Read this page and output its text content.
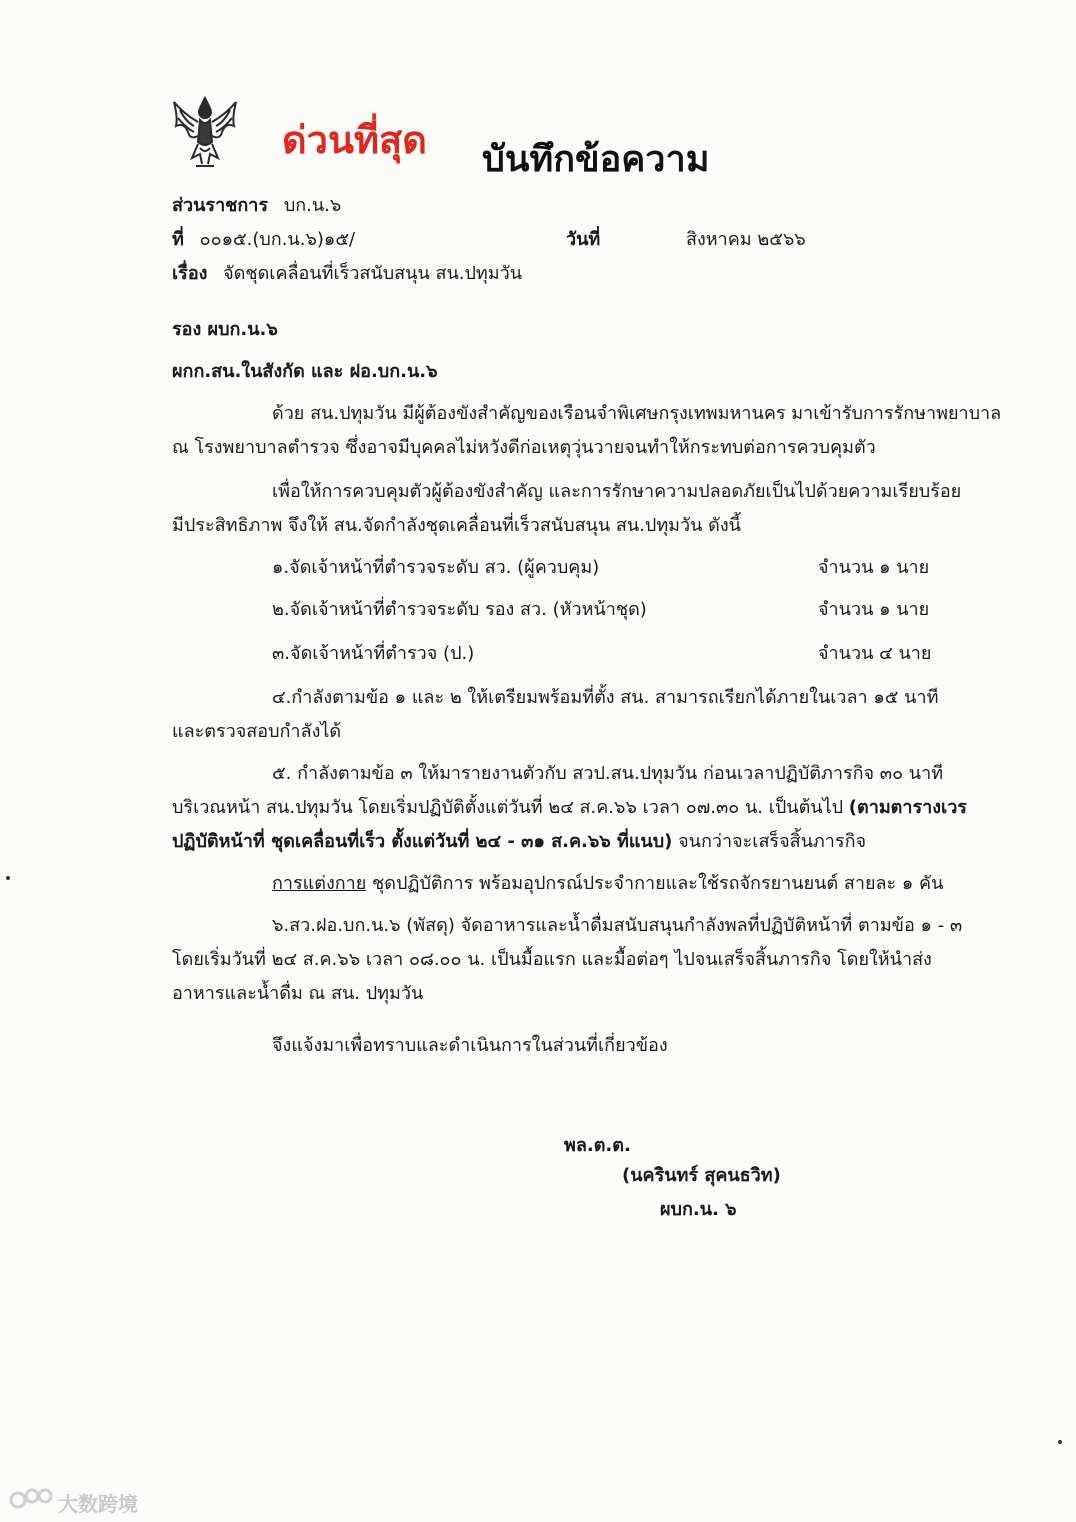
ด่วนที่สุด บันทึกข้อความ
ส่วนราชการ บก.น.๖
ที่ ๐๐๑๕.(บก.น.๖)๑๕/	วันที่	สิงหาคม ๒๕๖๖
เรื่อง จัดชุดเคลื่อนที่เร็วสนับสนุน สน.ปทุมวัน
รอง ผบก.น.๖
ผกก.สน.ในสังกัด และ ฝอ.บก.น.๖
ด้วย สน.ปทุมวัน มีผู้ต้องขังสำคัญของเรือนจำพิเศษกรุงเทพมหานคร มาเข้ารับการรักษาพยาบาล
ณ โรงพยาบาลตำรวจ ซึ่งอาจมีบุคคลไม่หวังดีก่อเหตุวุ่นวายจนทำให้กระทบต่อการควบคุมตัว
เพื่อให้การควบคุมตัวผู้ต้องขังสำคัญ และการรักษาความปลอดภัยเป็นไปด้วยความเรียบร้อย
มีประสิทธิภาพ จึงให้ สน.จัดกำลังชุดเคลื่อนที่เร็วสนับสนุน สน.ปทุมวัน ดังนี้
๑.จัดเจ้าหน้าที่ตำรวจระดับ สว. (ผู้ควบคุม)	จำนวน ๑ นาย
๒.จัดเจ้าหน้าที่ตำรวจระดับ รอง สว. (หัวหน้าชุด)	จำนวน ๑ นาย
๓.จัดเจ้าหน้าที่ตำรวจ (ป.)	จำนวน ๔ นาย
๔.กำลังตามข้อ ๑ และ ๒ ให้เตรียมพร้อมที่ตั้ง สน. สามารถเรียกได้ภายในเวลา ๑๕ นาที
และตรวจสอบกำลังได้
๕. กำลังตามข้อ ๓ ให้มารายงานตัวกับ สวป.สน.ปทุมวัน ก่อนเวลาปฏิบัติภารกิจ ๓๐ นาที
บริเวณหน้า สน.ปทุมวัน โดยเริ่มปฏิบัติตั้งแต่วันที่ ๒๔ ส.ค.๖๖ เวลา ๐๗.๓๐ น. เป็นต้นไป (ตามตารางเวร
ปฏิบัติหน้าที่ ชุดเคลื่อนที่เร็ว ตั้งแต่วันที่ ๒๔ - ๓๑ ส.ค.๖๖ ที่แนบ) จนกว่าจะเสร็จสิ้นภารกิจ
การแต่งกาย ชุดปฏิบัติการ พร้อมอุปกรณ์ประจำกายและใช้รถจักรยานยนต์ สายละ ๑ คัน
๖.สว.ฝอ.บก.น.๖ (พัสดุ) จัดอาหารและน้ำดื่มสนับสนุนกำลังพลที่ปฏิบัติหน้าที่ ตามข้อ ๑ - ๓
โดยเริ่มวันที่ ๒๔ ส.ค.๖๖ เวลา ๐๘.๐๐ น. เป็นมื้อแรก และมื้อต่อๆ ไปจนเสร็จสิ้นภารกิจ โดยให้นำส่ง
อาหารและน้ำดื่ม ณ สน. ปทุมวัน
จึงแจ้งมาเพื่อทราบและดำเนินการในส่วนที่เกี่ยวข้อง
พล.ต.ต.
(นครินทร์ สุคนธวิท)
ผบก.น. ๖
大数跨境
